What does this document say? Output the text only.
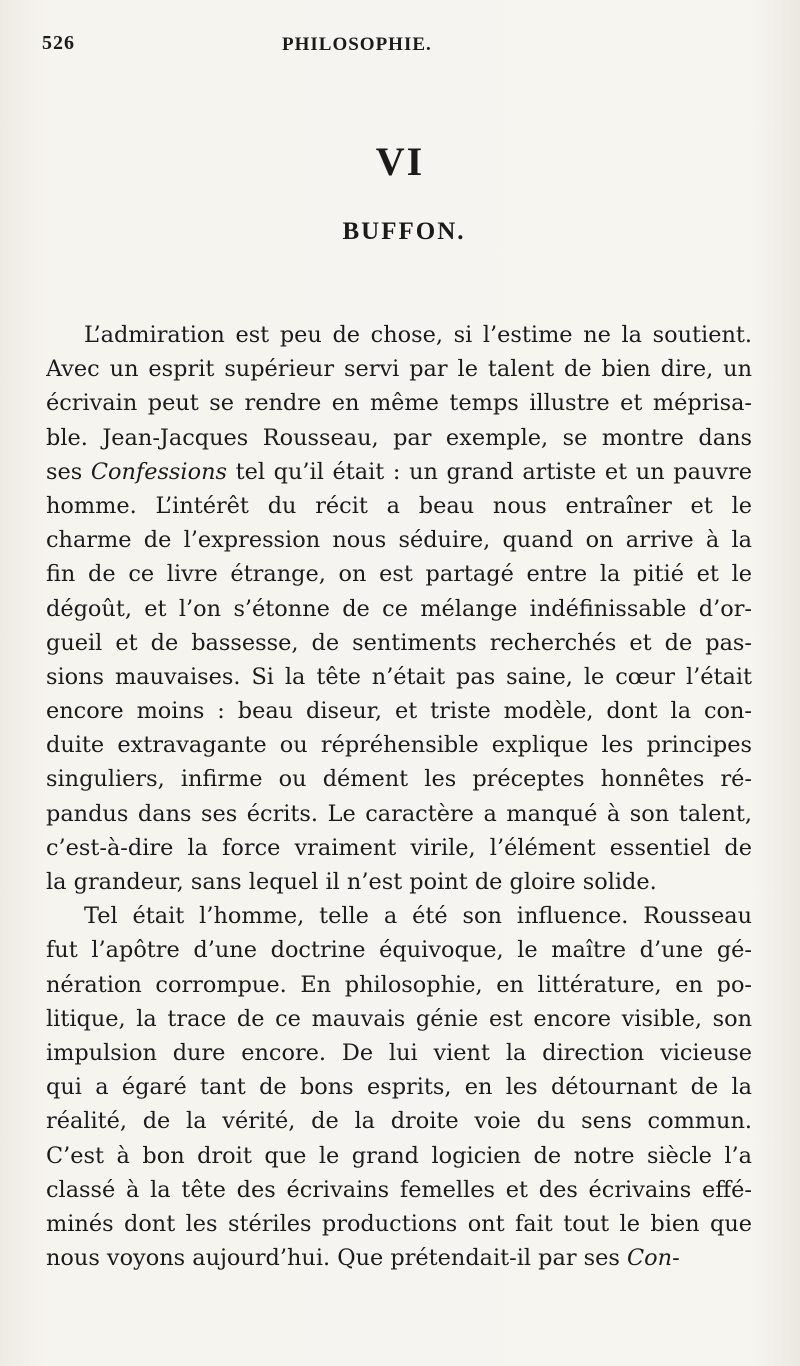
526	PHILOSOPHIE.
VI
BUFFON.
L’admiration est peu de chose, si l’estime ne la soutient.
Avec un esprit supérieur servi par le talent de bien dire, un
écrivain peut se rendre en même temps illustre et méprisa-
ble. Jean-Jacques Rousseau, par exemple, se montre dans
ses Confessions tel qu’il était : un grand artiste et un pauvre
homme. L’intérêt du récit a beau nous entraîner et le
charme de l’expression nous séduire, quand on arrive à la
fin de ce livre étrange, on est partagé entre la pitié et le
dégoût, et l’on s’étonne de ce mélange indéfinissable d’or-
gueil et de bassesse, de sentiments recherchés et de pas-
sions mauvaises. Si la tête n’était pas saine, le cœur l’était
encore moins : beau diseur, et triste modèle, dont la con-
duite extravagante ou répréhensible explique les principes
singuliers, infirme ou dément les préceptes honnêtes ré-
pandus dans ses écrits. Le caractère a manqué à son talent,
c’est-à-dire la force vraiment virile, l’élément essentiel de
la grandeur, sans lequel il n’est point de gloire solide.
Tel était l’homme, telle a été son influence. Rousseau
fut l’apôtre d’une doctrine équivoque, le maître d’une gé-
nération corrompue. En philosophie, en littérature, en po-
litique, la trace de ce mauvais génie est encore visible, son
impulsion dure encore. De lui vient la direction vicieuse
qui a égaré tant de bons esprits, en les détournant de la
réalité, de la vérité, de la droite voie du sens commun.
C’est à bon droit que le grand logicien de notre siècle l’a
classé à la tête des écrivains femelles et des écrivains effé-
minés dont les stériles productions ont fait tout le bien que
nous voyons aujourd’hui. Que prétendait-il par ses Con-
